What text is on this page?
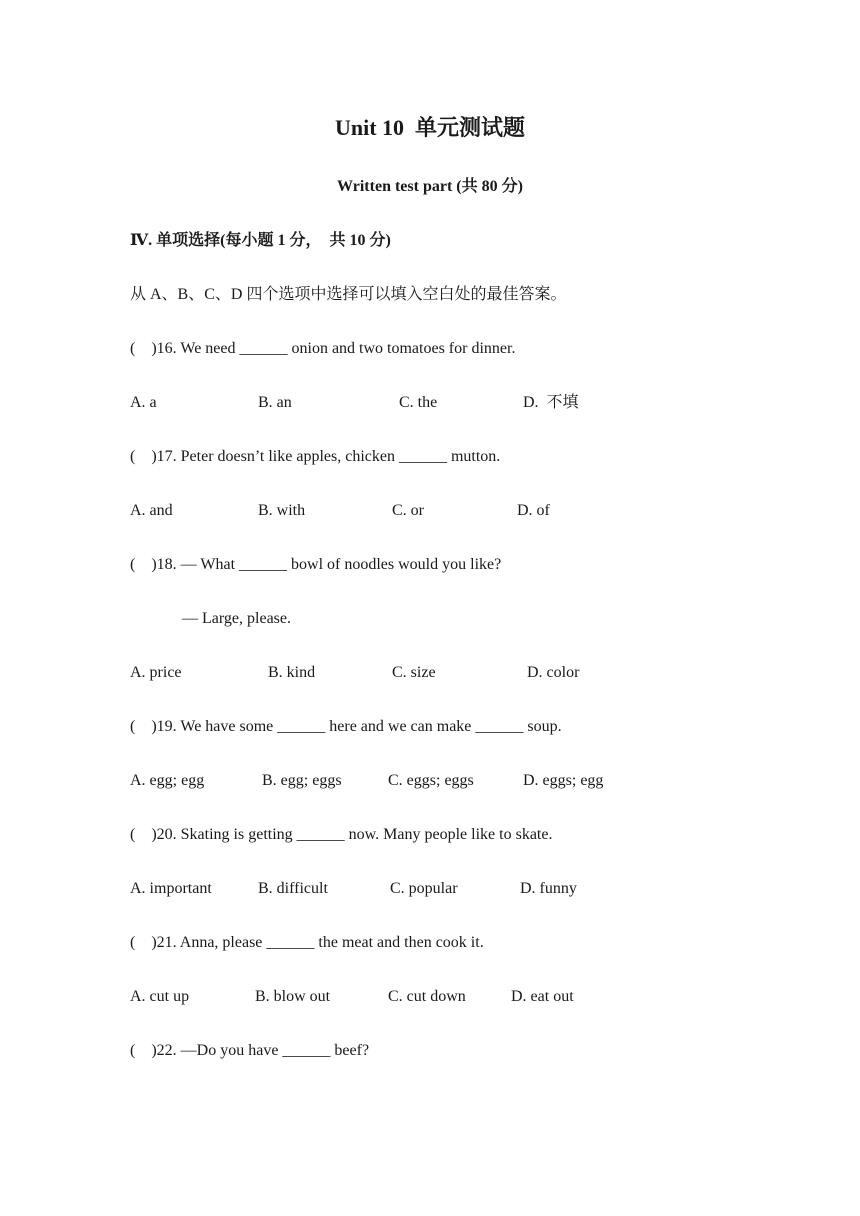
Unit 10  单元测试题
Written test part (共 80 分)
Ⅳ. 单项选择(每小题 1 分，  共 10 分)
从 A、B、C、D 四个选项中选择可以填入空白处的最佳答案。
(    )16. We need ______ onion and two tomatoes for dinner.
A. a	B. an	C. the	D.  不填
(    )17. Peter doesn’t like apples, chicken ______ mutton.
A. and	B. with	C. or	D. of
(    )18. — What ______ bowl of noodles would you like?
— Large, please.
A. price	B. kind	C. size	D. color
(    )19. We have some ______ here and we can make ______ soup.
A. egg; egg	B. egg; eggs	C. eggs; eggs	D. eggs; egg
(    )20. Skating is getting ______ now. Many people like to skate.
A. important	B. difficult	C. popular	D. funny
(    )21. Anna, please ______ the meat and then cook it.
A. cut up	B. blow out	C. cut down	D. eat out
(    )22. —Do you have ______ beef?
